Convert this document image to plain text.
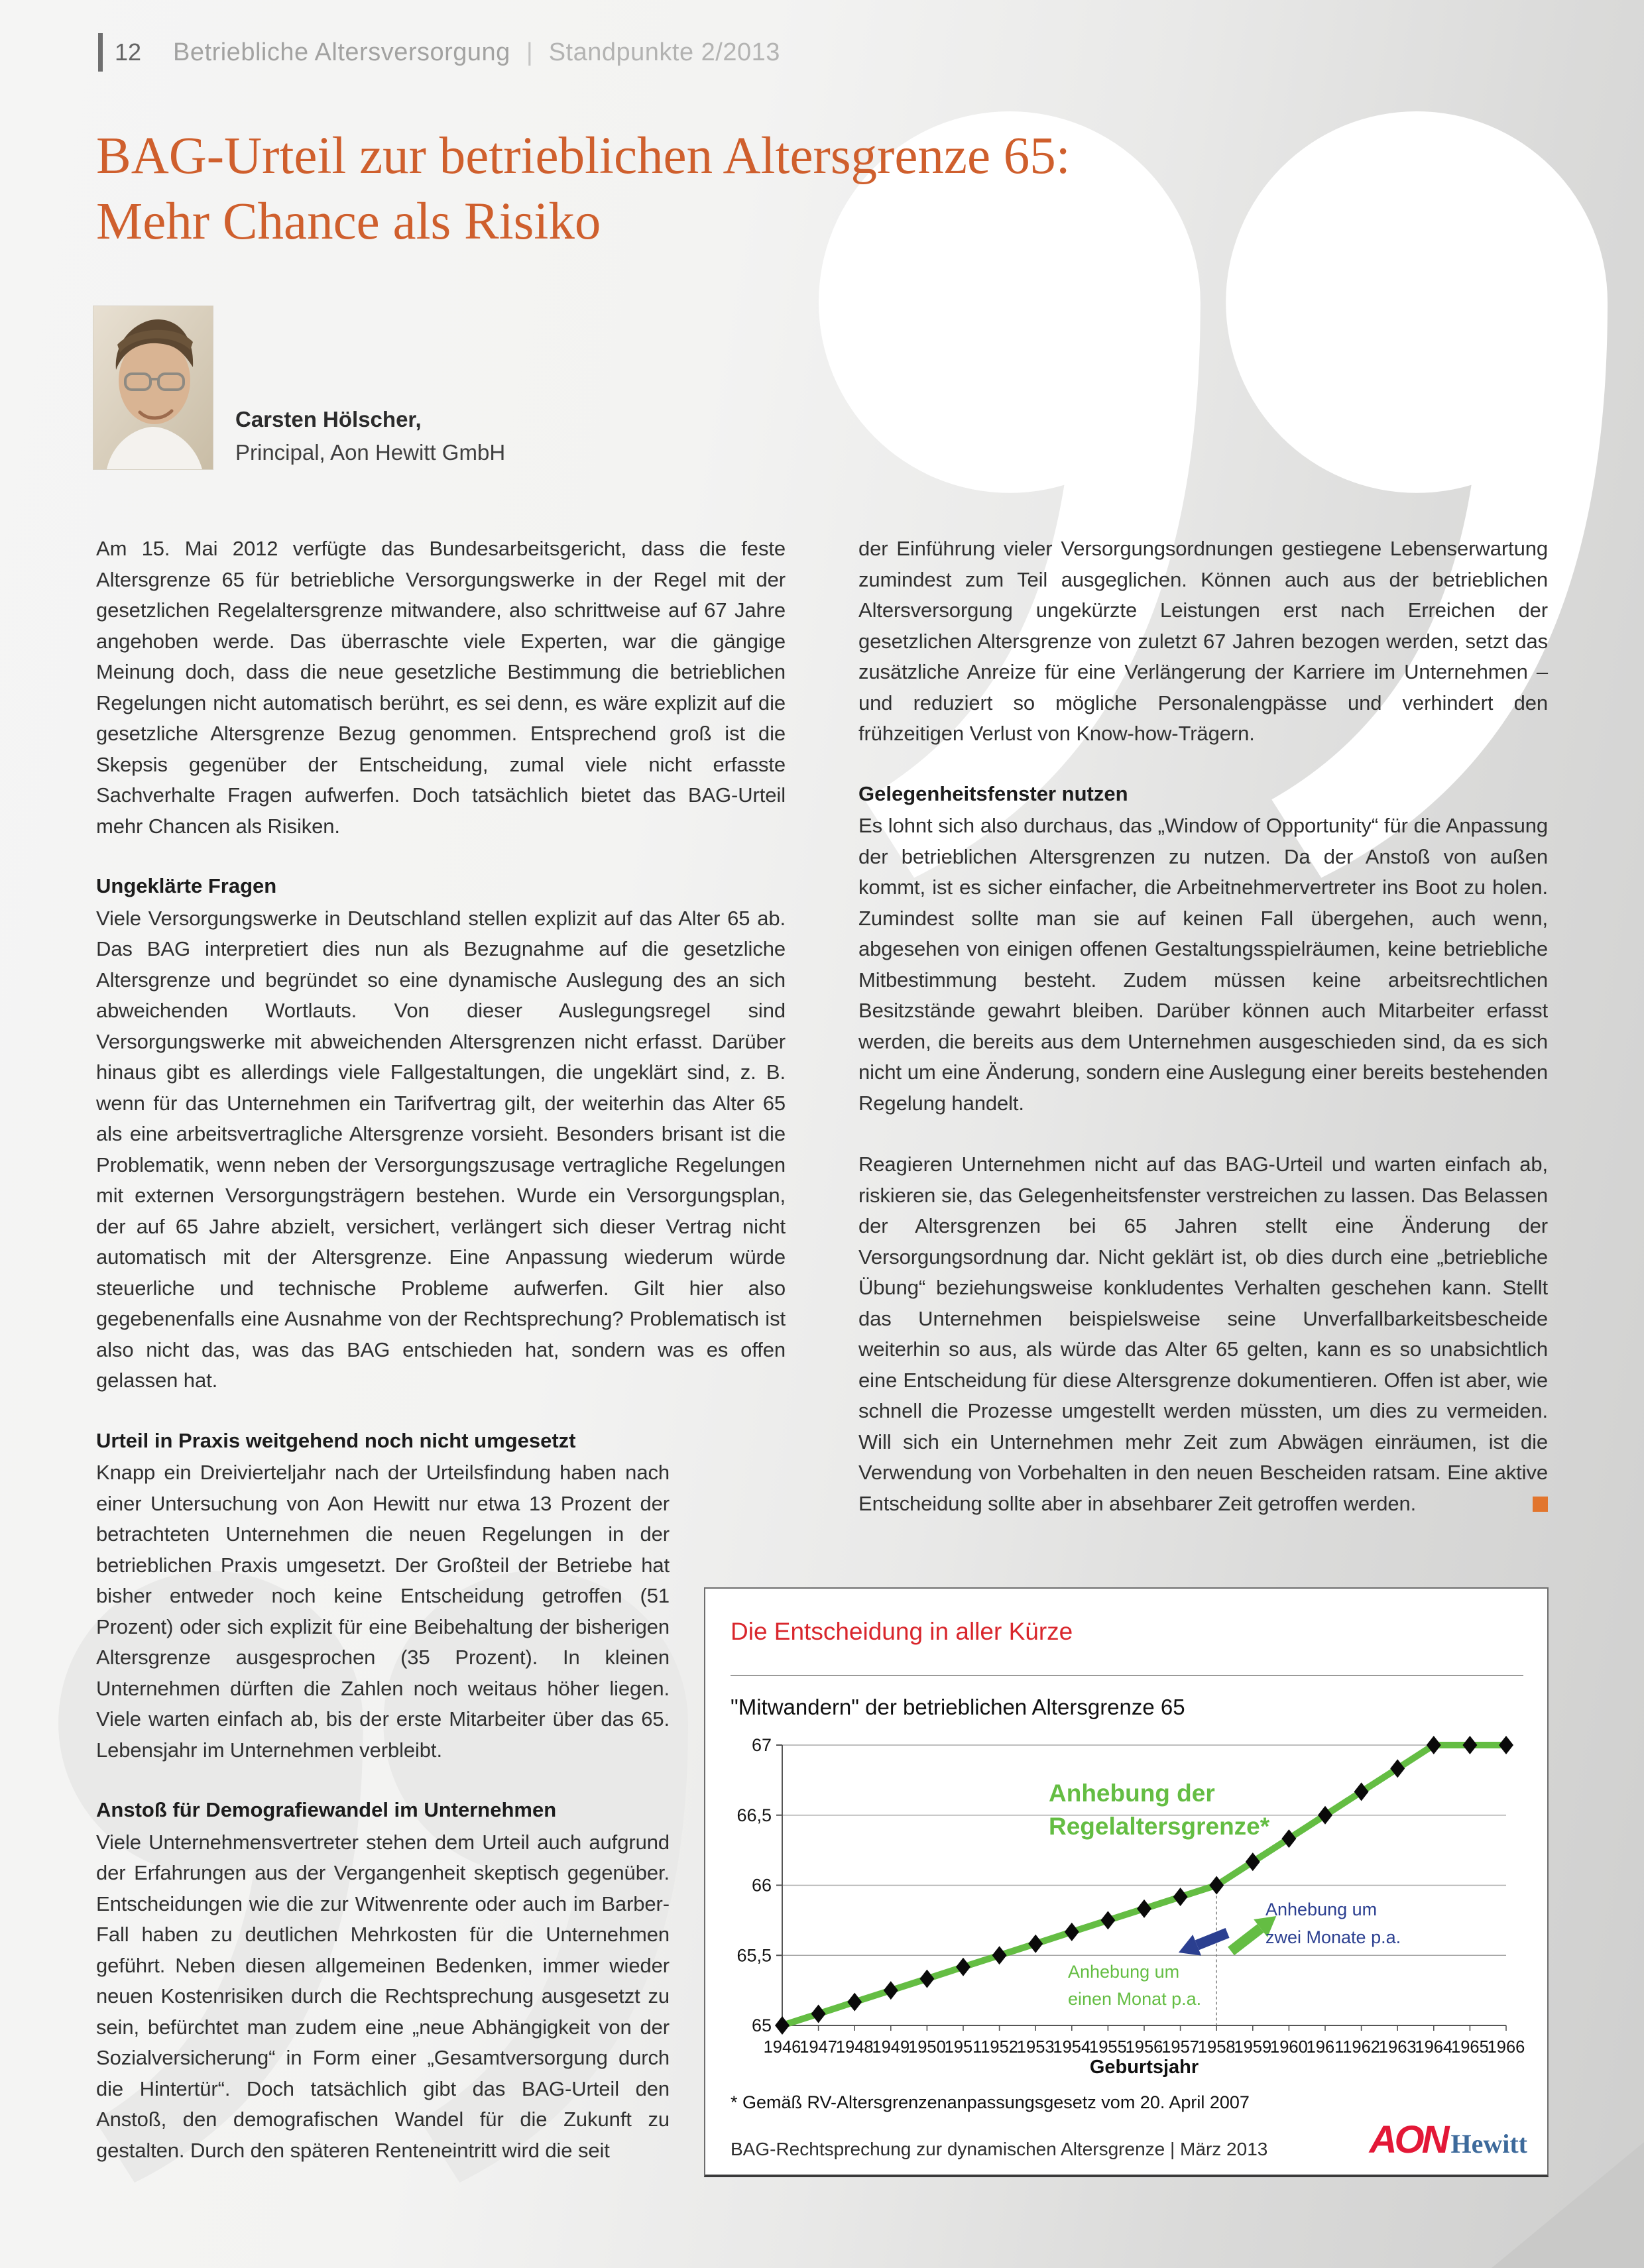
12 Betriebliche Altersversorgung | Standpunkte 2/2013
BAG-Urteil zur betrieblichen Altersgrenze 65:
Mehr Chance als Risiko
Carsten Hölscher,
Principal, Aon Hewitt GmbH

Am 15. Mai 2012 verfügte das Bundesarbeitsgericht, dass die feste Altersgrenze 65 für betriebliche Versorgungswerke in der Regel mit der gesetzlichen Regelaltersgrenze mitwandere, also schrittweise auf 67 Jahre angehoben werde. Das überraschte viele Experten, war die gängige Meinung doch, dass die neue gesetzliche Bestimmung die betrieblichen Regelungen nicht automatisch berührt, es sei denn, es wäre explizit auf die gesetzliche Altersgrenze Bezug genommen. Entsprechend groß ist die Skepsis gegenüber der Entscheidung, zumal viele nicht erfasste Sachverhalte Fragen aufwerfen. Doch tatsächlich bietet das BAG-Urteil mehr Chancen als Risiken.

Ungeklärte Fragen

Viele Versorgungswerke in Deutschland stellen explizit auf das Alter 65 ab. Das BAG interpretiert dies nun als Bezugnahme auf die gesetzliche Altersgrenze und begründet so eine dynamische Auslegung des an sich abweichenden Wortlauts. Von dieser Auslegungsregel sind Versorgungswerke mit abweichenden Altersgrenzen nicht erfasst. Darüber hinaus gibt es allerdings viele Fallgestaltungen, die ungeklärt sind, z. B. wenn für das Unternehmen ein Tarifvertrag gilt, der weiterhin das Alter 65 als eine arbeitsvertragliche Altersgrenze vorsieht. Besonders brisant ist die Problematik, wenn neben der Versorgungszusage vertragliche Regelungen mit externen Versorgungsträgern bestehen. Wurde ein Versorgungsplan, der auf 65 Jahre abzielt, versichert, verlängert sich dieser Vertrag nicht automatisch mit der Altersgrenze. Eine Anpassung wiederum würde steuerliche und technische Probleme aufwerfen. Gilt hier also gegebenenfalls eine Ausnahme von der Rechtsprechung? Problematisch ist also nicht das, was das BAG entschieden hat, sondern was es offen gelassen hat.

Urteil in Praxis weitgehend noch nicht umgesetzt

Knapp ein Dreivierteljahr nach der Urteilsfindung haben nach einer Untersuchung von Aon Hewitt nur etwa 13 Prozent der betrachteten Unternehmen die neuen Regelungen in der betrieblichen Praxis umgesetzt. Der Großteil der Betriebe hat bisher entweder noch keine Entscheidung getroffen (51 Prozent) oder sich explizit für eine Beibehaltung der bisherigen Altersgrenze ausgesprochen (35 Prozent). In kleinen Unternehmen dürften die Zahlen noch weitaus höher liegen. Viele warten einfach ab, bis der erste Mitarbeiter über das 65. Lebensjahr im Unternehmen verbleibt.

Anstoß für Demografiewandel im Unternehmen

Viele Unternehmensvertreter stehen dem Urteil auch aufgrund der Erfahrungen aus der Vergangenheit skeptisch gegenüber. Entscheidungen wie die zur Witwenrente oder auch im Barber-Fall haben zu deutlichen Mehrkosten für die Unternehmen geführt. Neben diesen allgemeinen Bedenken, immer wieder neuen Kostenrisiken durch die Rechtsprechung ausgesetzt zu sein, befürchtet man zudem eine „neue Abhängigkeit von der Sozialversicherung“ in Form einer „Gesamtversorgung durch die Hintertür“. Doch tatsächlich gibt das BAG-Urteil den Anstoß, den demografischen Wandel für die Zukunft zu gestalten. Durch den späteren Renteneintritt wird die seit

der Einführung vieler Versorgungsordnungen gestiegene Lebenserwartung zumindest zum Teil ausgeglichen. Können auch aus der betrieblichen Altersversorgung ungekürzte Leistungen erst nach Erreichen der gesetzlichen Altersgrenze von zuletzt 67 Jahren bezogen werden, setzt das zusätzliche Anreize für eine Verlängerung der Karriere im Unternehmen – und reduziert so mögliche Personalengpässe und verhindert den frühzeitigen Verlust von Know-how-Trägern.

Gelegenheitsfenster nutzen

Es lohnt sich also durchaus, das „Window of Opportunity“ für die Anpassung der betrieblichen Altersgrenzen zu nutzen. Da der Anstoß von außen kommt, ist es sicher einfacher, die Arbeitnehmervertreter ins Boot zu holen. Zumindest sollte man sie auf keinen Fall übergehen, auch wenn, abgesehen von einigen offenen Gestaltungsspielräumen, keine betriebliche Mitbestimmung besteht. Zudem müssen keine arbeitsrechtlichen Besitzstände gewahrt bleiben. Darüber können auch Mitarbeiter erfasst werden, die bereits aus dem Unternehmen ausgeschieden sind, da es sich nicht um eine Änderung, sondern eine Auslegung einer bereits bestehenden Regelung handelt.

Reagieren Unternehmen nicht auf das BAG-Urteil und warten einfach ab, riskieren sie, das Gelegenheitsfenster verstreichen zu lassen. Das Belassen der Altersgrenzen bei 65 Jahren stellt eine Änderung der Versorgungsordnung dar. Nicht geklärt ist, ob dies durch eine „betriebliche Übung“ beziehungsweise konkludentes Verhalten geschehen kann. Stellt das Unternehmen beispielsweise seine Unverfallbarkeitsbescheide weiterhin so aus, als würde das Alter 65 gelten, kann es so unabsichtlich eine Entscheidung für diese Altersgrenze dokumentieren. Offen ist aber, wie schnell die Prozesse umgestellt werden müssten, um dies zu vermeiden. Will sich ein Unternehmen mehr Zeit zum Abwägen einräumen, ist die Verwendung von Vorbehalten in den neuen Bescheiden ratsam. Eine aktive Entscheidung sollte aber in absehbarer Zeit getroffen werden.

Die Entscheidung in aller Kürze
"Mitwandern" der betrieblichen Altersgrenze 65
65
65,5
66
66,5
67
1946
1947
1948
1949
1950
1951
1952
1953
1954
1955
1956
1957
1958
1959
1960
1961
1962
1963
1964
1965
1966
Geburtsjahr
Anhebung der
Regelaltersgrenze*
Anhebung um
zwei Monate p.a.
Anhebung um
einen Monat p.a.
* Gemäß RV-Altersgrenzenanpassungsgesetz vom 20. April 2007
BAG-Rechtsprechung zur dynamischen Altersgrenze | März 2013	AON Hewitt
